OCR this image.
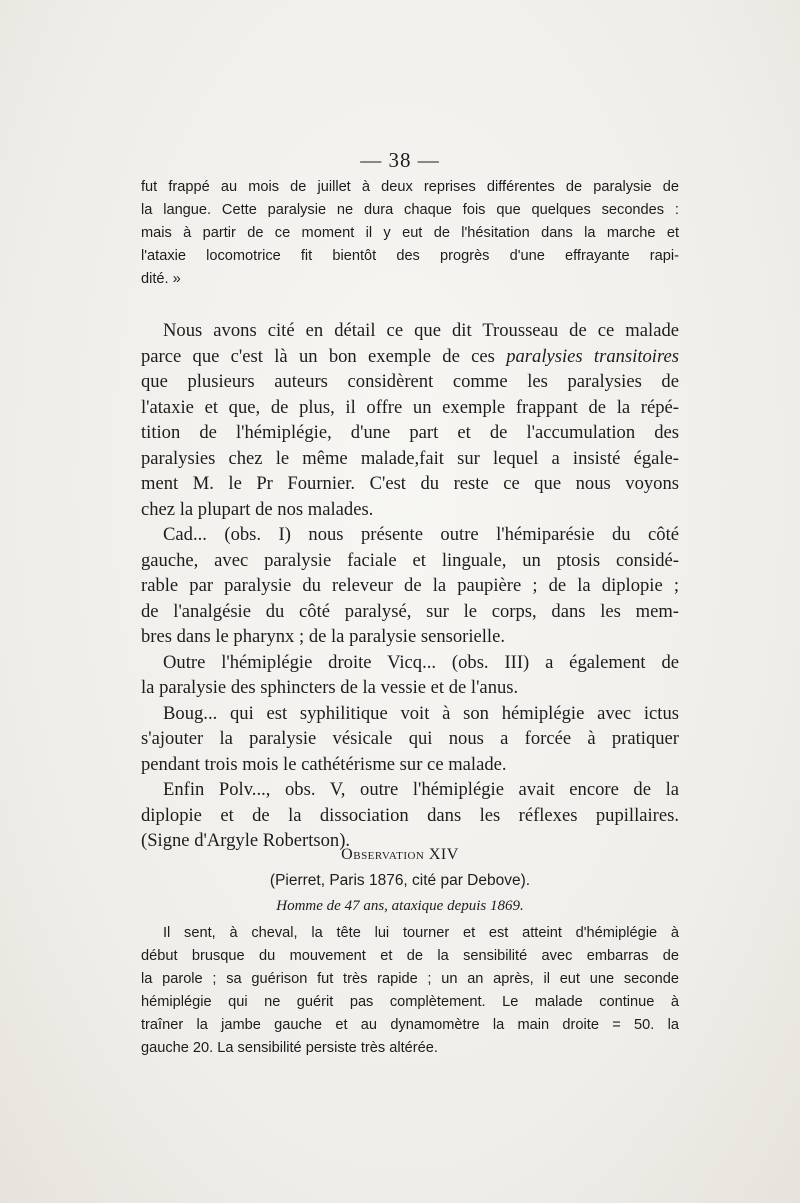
— 38 —
fut frappé au mois de juillet à deux reprises différentes de paralysie de
la langue. Cette paralysie ne dura chaque fois que quelques secondes :
mais à partir de ce moment il y eut de l'hésitation dans la marche et
l'ataxie locomotrice fit bientôt des progrès d'une effrayante rapi-
dité. »
Nous avons cité en détail ce que dit Trousseau de ce malade
parce que c'est là un bon exemple de ces paralysies transitoires
que plusieurs auteurs considèrent comme les paralysies de
l'ataxie et que, de plus, il offre un exemple frappant de la répé-
tition de l'hémiplégie, d'une part et de l'accumulation des
paralysies chez le même malade,fait sur lequel a insisté égale-
ment M. le Pr Fournier. C'est du reste ce que nous voyons
chez la plupart de nos malades.
Cad... (obs. I) nous présente outre l'hémiparésie du côté
gauche, avec paralysie faciale et linguale, un ptosis considé-
rable par paralysie du releveur de la paupière ; de la diplopie ;
de l'analgésie du côté paralysé, sur le corps, dans les mem-
bres dans le pharynx ; de la paralysie sensorielle.
Outre l'hémiplégie droite Vicq... (obs. III) a également de
la paralysie des sphincters de la vessie et de l'anus.
Boug... qui est syphilitique voit à son hémiplégie avec ictus
s'ajouter la paralysie vésicale qui nous a forcée à pratiquer
pendant trois mois le cathétérisme sur ce malade.
Enfin Polv..., obs. V, outre l'hémiplégie avait encore de la
diplopie et de la dissociation dans les réflexes pupillaires.
(Signe d'Argyle Robertson).
Observation XIV
(Pierret, Paris 1876, cité par Debove).
Homme de 47 ans, ataxique depuis 1869.
Il sent, à cheval, la tête lui tourner et est atteint d'hémiplégie à
début brusque du mouvement et de la sensibilité avec embarras de
la parole ; sa guérison fut très rapide ; un an après, il eut une seconde
hémiplégie qui ne guérit pas complètement. Le malade continue à
traîner la jambe gauche et au dynamomètre la main droite = 50. la
gauche 20. La sensibilité persiste très altérée.
